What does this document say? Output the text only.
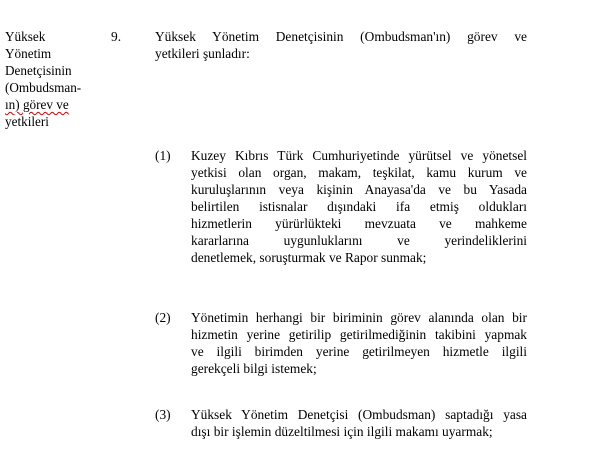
Yüksek
Yönetim
Denetçisinin
(Ombudsman-
ın) görev ve
yetkileri
9.	Yüksek Yönetim Denetçisinin (Ombudsman'ın) görev ve
yetkileri şunladır:
(1) Kuzey Kıbrıs Türk Cumhuriyetinde yürütsel ve yönetsel
yetkisi olan organ, makam, teşkilat, kamu kurum ve
kuruluşlarının veya kişinin Anayasa'da ve bu Yasada
belirtilen istisnalar dışındaki ifa etmiş oldukları
hizmetlerin yürürlükteki mevzuata ve mahkeme
kararlarına uygunluklarını ve yerindeliklerini
denetlemek, soruşturmak ve Rapor sunmak;
(2) Yönetimin herhangi bir biriminin görev alanında olan bir
hizmetin yerine getirilip getirilmediğinin takibini yapmak
ve ilgili birimden yerine getirilmeyen hizmetle ilgili
gerekçeli bilgi istemek;
(3) Yüksek Yönetim Denetçisi (Ombudsman) saptadığı yasa
dışı bir işlemin düzeltilmesi için ilgili makamı uyarmak;
